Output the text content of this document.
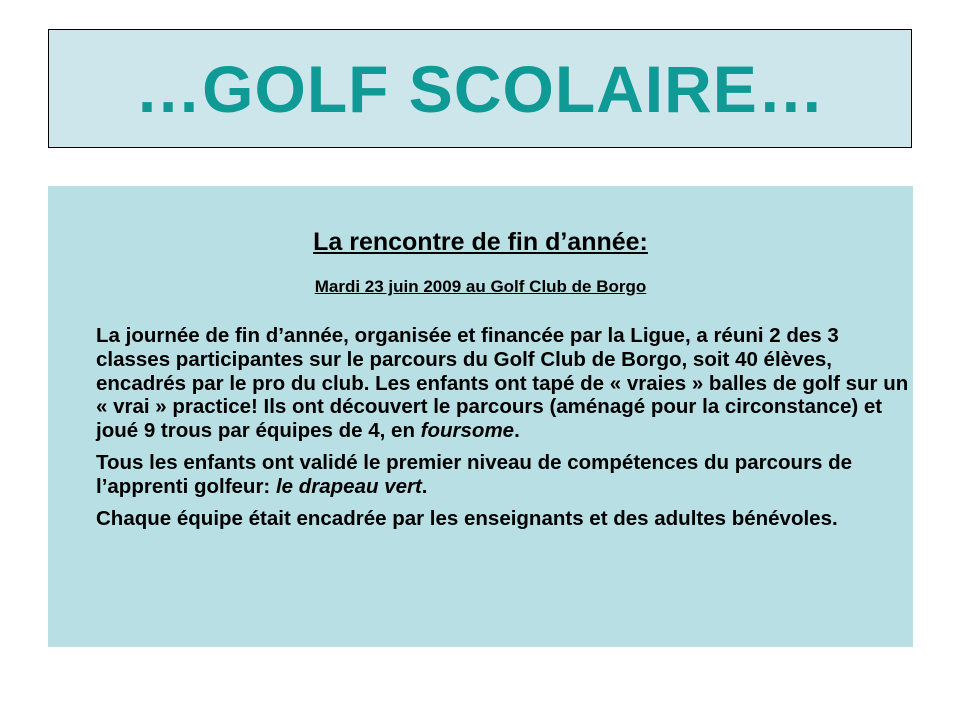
…GOLF SCOLAIRE…
La rencontre de fin d’année:
Mardi 23 juin 2009 au Golf Club de Borgo

La journée de fin d’année, organisée et financée par la Ligue, a réuni 2 des 3 classes participantes sur le parcours du Golf Club de Borgo, soit 40 élèves, encadrés par le pro du club. Les enfants ont tapé de « vraies » balles de golf sur un « vrai » practice! Ils ont découvert le parcours (aménagé pour la circonstance) et joué 9 trous par équipes de 4, en foursome.

Tous les enfants ont validé le premier niveau de compétences du parcours de l’apprenti golfeur: le drapeau vert.

Chaque équipe était encadrée par les enseignants et des adultes bénévoles.
